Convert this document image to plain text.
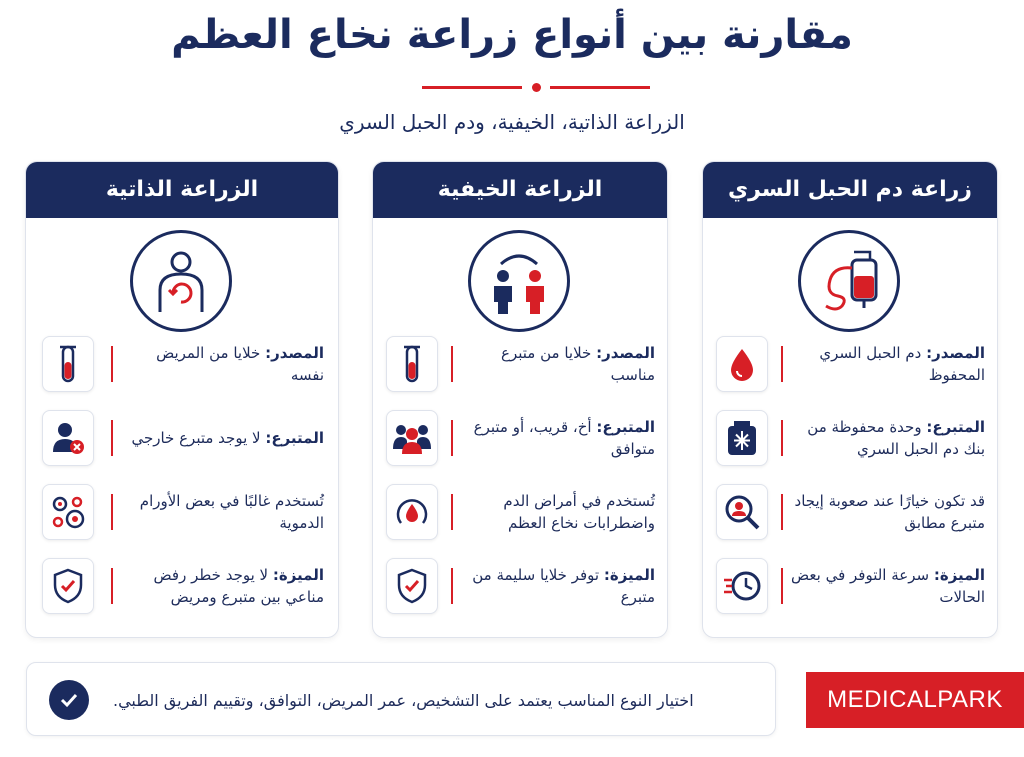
مقارنة بين أنواع زراعة نخاع العظم
الزراعة الذاتية، الخيفية، ودم الحبل السري
الزراعة الذاتية
المصدر: خلايا من المريض نفسه
المتبرع: لا يوجد متبرع خارجي
تُستخدم غالبًا في بعض الأورام الدموية
الميزة: لا يوجد خطر رفض مناعي بين متبرع ومريض
الزراعة الخيفية
المصدر: خلايا من متبرع مناسب
المتبرع: أخ، قريب، أو متبرع متوافق
تُستخدم في أمراض الدم واضطرابات نخاع العظم
الميزة: توفر خلايا سليمة من متبرع
زراعة دم الحبل السري
المصدر: دم الحبل السري المحفوظ
المتبرع: وحدة محفوظة من بنك دم الحبل السري
قد تكون خيارًا عند صعوبة إيجاد متبرع مطابق
الميزة: سرعة التوفر في بعض الحالات
اختيار النوع المناسب يعتمد على التشخيص، عمر المريض، التوافق، وتقييم الفريق الطبي.	MEDICALPARK
